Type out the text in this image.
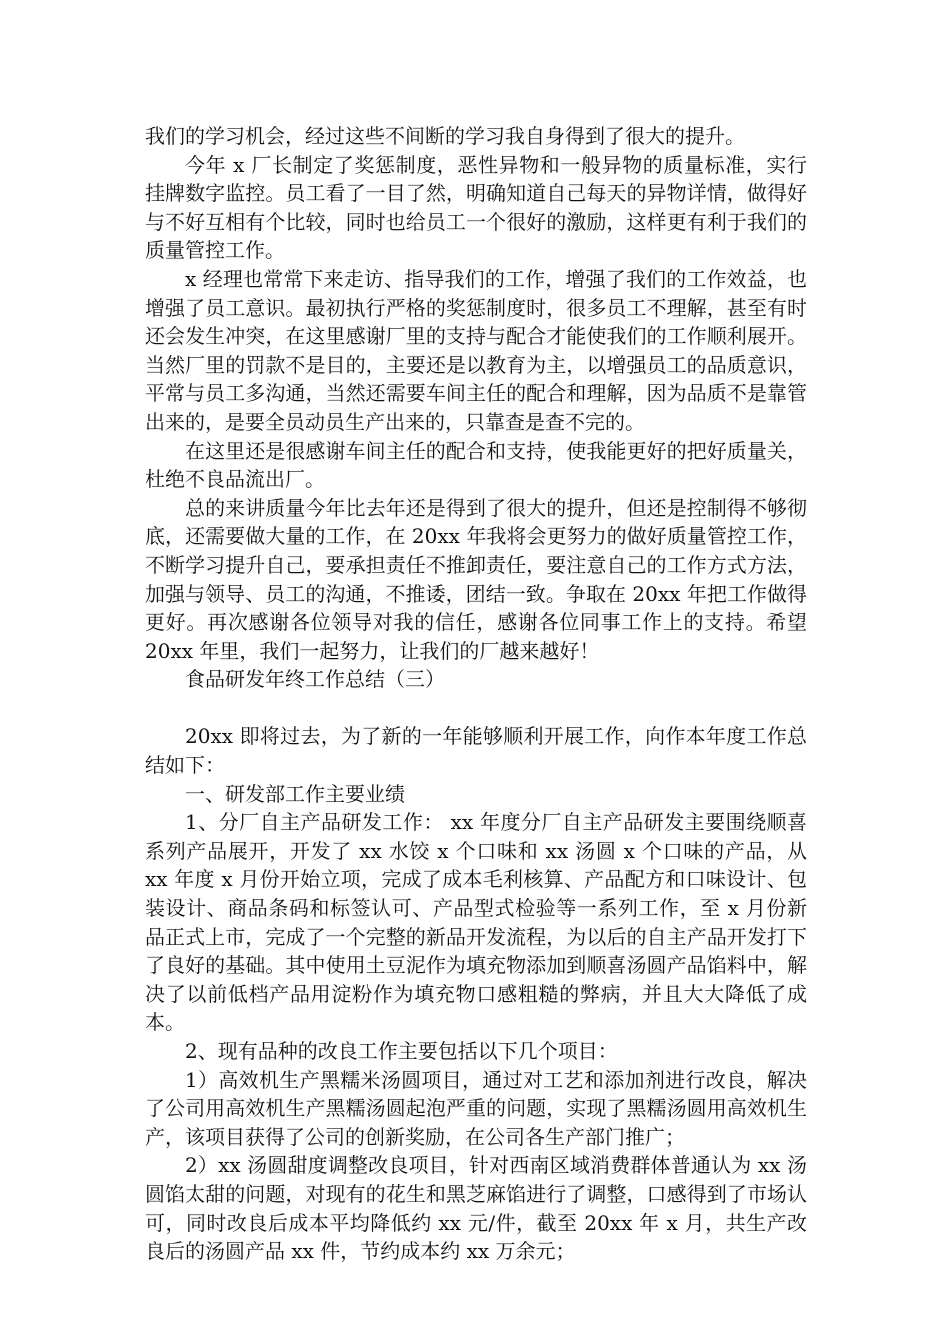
我们的学习机会，经过这些不间断的学习我自身得到了很大的提升。

今年 x 厂长制定了奖惩制度，恶性异物和一般异物的质量标准，实行挂牌数字监控。员工看了一目了然，明确知道自己每天的异物详情，做得好与不好互相有个比较，同时也给员工一个很好的激励，这样更有利于我们的质量管控工作。

x 经理也常常下来走访、指导我们的工作，增强了我们的工作效益，也增强了员工意识。最初执行严格的奖惩制度时，很多员工不理解，甚至有时还会发生冲突，在这里感谢厂里的支持与配合才能使我们的工作顺利展开。当然厂里的罚款不是目的，主要还是以教育为主，以增强员工的品质意识，平常与员工多沟通，当然还需要车间主任的配合和理解，因为品质不是靠管出来的，是要全员动员生产出来的，只靠查是查不完的。

在这里还是很感谢车间主任的配合和支持，使我能更好的把好质量关，杜绝不良品流出厂。

总的来讲质量今年比去年还是得到了很大的提升，但还是控制得不够彻底，还需要做大量的工作，在 20xx 年我将会更努力的做好质量管控工作，不断学习提升自己，要承担责任不推卸责任，要注意自己的工作方式方法，加强与领导、员工的沟通，不推诿，团结一致。争取在 20xx 年把工作做得更好。再次感谢各位领导对我的信任，感谢各位同事工作上的支持。希望 20xx 年里，我们一起努力，让我们的厂越来越好！

食品研发年终工作总结（三）

20xx 即将过去，为了新的一年能够顺利开展工作，向作本年度工作总结如下：

一、研发部工作主要业绩

1、分厂自主产品研发工作： xx 年度分厂自主产品研发主要围绕顺喜系列产品展开，开发了 xx 水饺 x 个口味和 xx 汤圆 x 个口味的产品，从 xx 年度 x 月份开始立项，完成了成本毛利核算、产品配方和口味设计、包装设计、商品条码和标签认可、产品型式检验等一系列工作，至 x 月份新品正式上市，完成了一个完整的新品开发流程，为以后的自主产品开发打下了良好的基础。其中使用土豆泥作为填充物添加到顺喜汤圆产品馅料中，解决了以前低档产品用淀粉作为填充物口感粗糙的弊病，并且大大降低了成本。

2、现有品种的改良工作主要包括以下几个项目：

1）高效机生产黑糯米汤圆项目，通过对工艺和添加剂进行改良，解决了公司用高效机生产黑糯汤圆起泡严重的问题，实现了黑糯汤圆用高效机生产，该项目获得了公司的创新奖励，在公司各生产部门推广；

2）xx 汤圆甜度调整改良项目，针对西南区域消费群体普通认为 xx 汤圆馅太甜的问题，对现有的花生和黑芝麻馅进行了调整，口感得到了市场认可，同时改良后成本平均降低约 xx 元/件，截至 20xx 年 x 月，共生产改良后的汤圆产品 xx 件，节约成本约 xx 万余元；
